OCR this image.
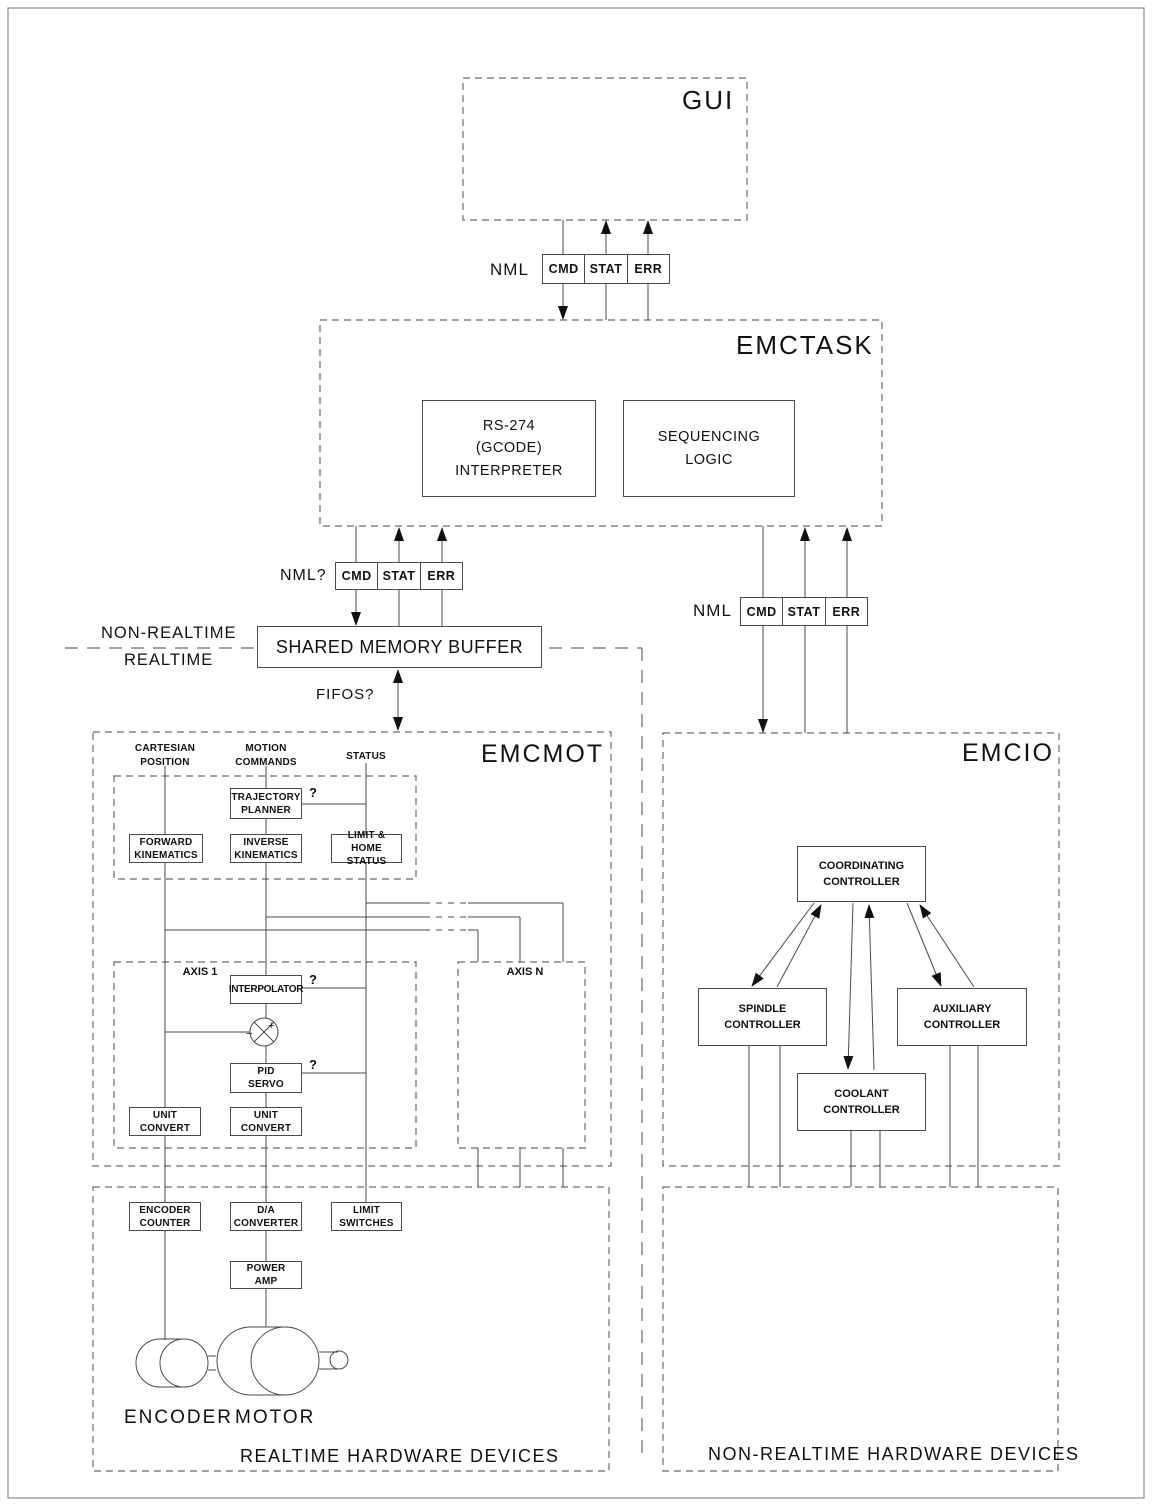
+
−
GUI
EMCTASK
EMCMOT	EMCIO
NML	CMD STAT ERR
NML?	CMD STAT ERR
NML	CMD STAT ERR
RS-274
(GCODE)
INTERPRETER
SEQUENCING
LOGIC
SHARED MEMORY BUFFER
NON-REALTIME
REALTIME
FIFOS?
CARTESIAN
POSITION
MOTION
COMMANDS	STATUS
TRAJECTORY
PLANNER
FORWARD
KINEMATICS
INVERSE
KINEMATICS
LIMIT & HOME
STATUS
AXIS 1	AXIS N
INTERPOLATOR
PID
SERVO
UNIT
CONVERT
UNIT
CONVERT
?
?
?
ENCODER
COUNTER
D/A
CONVERTER
LIMIT
SWITCHES
POWER
AMP
ENCODER MOTOR
REALTIME HARDWARE DEVICES
COORDINATING
CONTROLLER
SPINDLE
CONTROLLER
AUXILIARY
CONTROLLER
COOLANT
CONTROLLER
NON-REALTIME HARDWARE DEVICES
